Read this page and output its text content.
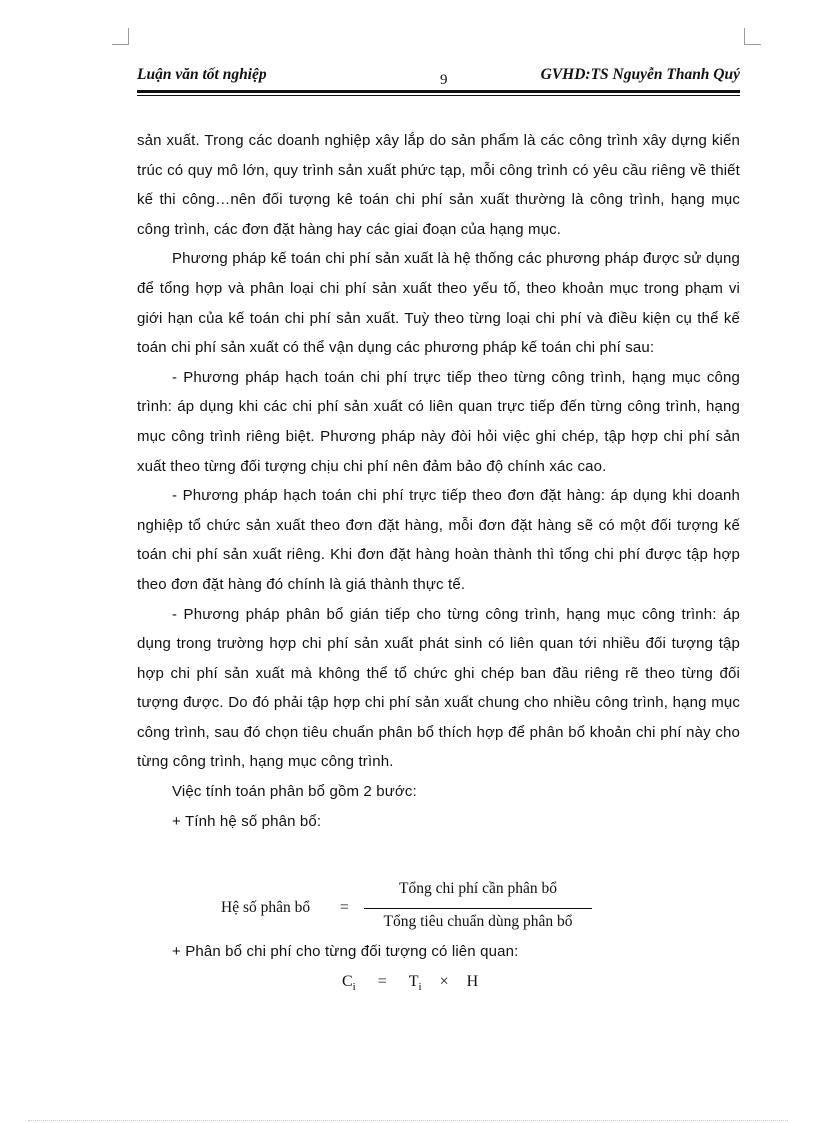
Luận văn tốt nghiệp	9	GVHD:TS Nguyễn Thanh Quý

sản xuất. Trong các doanh nghiệp xây lắp do sản phẩm là các công trình xây dựng kiến trúc có quy mô lớn, quy trình sản xuất phức tạp, mỗi công trình có yêu cầu riêng về thiết kế thi công…nên đối tượng kê toán chi phí sản xuất thường là công trình, hạng mục công trình, các đơn đặt hàng hay các giai đoạn của hạng mục.

Phương pháp kế toán chi phí sản xuất là hệ thống các phương pháp được sử dụng để tổng hợp và phân loại chi phí sản xuất theo yếu tố, theo khoản mục trong phạm vi giới hạn của kế toán chi phí sản xuất. Tuỳ theo từng loại chi phí và điều kiện cụ thể kế toán chi phí sản xuất có thể vận dụng các phương pháp kế toán chi phí sau:

- Phương pháp hạch toán chi phí trực tiếp theo từng công trình, hạng mục công trình: áp dụng khi các chi phí sản xuất có liên quan trực tiếp đến từng công trình, hạng mục công trình riêng biệt. Phương pháp này đòi hỏi việc ghi chép, tập hợp chi phí sản xuất theo từng đối tượng chịu chi phí nên đảm bảo độ chính xác cao.

- Phương pháp hạch toán chi phí trực tiếp theo đơn đặt hàng: áp dụng khi doanh nghiệp tổ chức sản xuất theo đơn đặt hàng, mỗi đơn đặt hàng sẽ có một đối tượng kế toán chi phí sản xuất riêng. Khi đơn đặt hàng hoàn thành thì tổng chi phí được tập hợp theo đơn đặt hàng đó chính là giá thành thực tế.

- Phương pháp phân bổ gián tiếp cho từng công trình, hạng mục công trình: áp dụng trong trường hợp chi phí sản xuất phát sinh có liên quan tới nhiều đối tượng tập hợp chi phí sản xuất mà không thể tổ chức ghi chép ban đầu riêng rẽ theo từng đối tượng được. Do đó phải tập hợp chi phí sản xuất chung cho nhiều công trình, hạng mục công trình, sau đó chọn tiêu chuẩn phân bổ thích hợp để phân bổ khoản chi phí này cho từng công trình, hạng mục công trình.

Việc tính toán phân bổ gồm 2 bước:

+ Tính hệ số phân bổ:

Hệ số phân bổ =
Tổng chi phí cần phân bổ
Tổng tiêu chuẩn dùng phân bổ

+ Phân bổ chi phí cho từng đối tượng có liên quan:

$C_i = T_i \times H$
